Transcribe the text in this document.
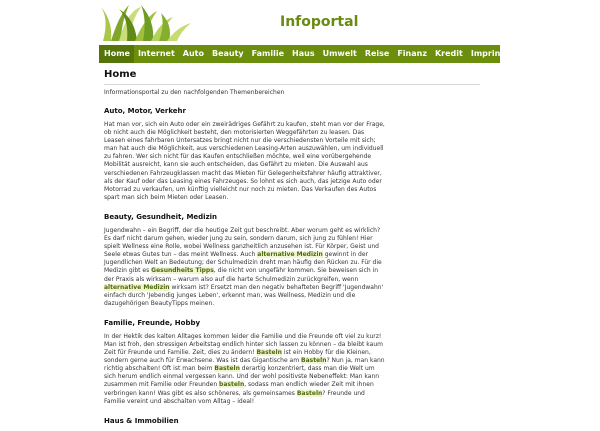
Infoportal
Home	Internet	Auto	Beauty	Familie	Haus	Umwelt	Reise	Finanz	Kredit	Imprint
Home

Informationsportal zu den nachfolgenden Themenbereichen

Auto, Motor, Verkehr

Hat man vor, sich ein Auto oder ein zweirädriges Gefährt zu kaufen, steht man vor der Frage, ob nicht auch die Möglichkeit besteht, den motorisierten Weggefährten zu leasen. Das Leasen eines fahrbaren Untersatzes bringt nicht nur die verschiedensten Vorteile mit sich; man hat auch die Möglichkeit, aus verschiedenen Leasing-Arten auszuwählen, um individuell zu fahren. Wer sich nicht für das Kaufen entschließen möchte, weil eine vorübergehende Mobilität ausreicht, kann sie auch entscheiden, das Gefährt zu mieten. Die Auswahl aus verschiedenen Fahrzeugklassen macht das Mieten für Gelegenheitsfahrer häufig attraktiver, als der Kauf oder das Leasing eines Fahrzeuges. So lohnt es sich auch, das jetzige Auto oder Motorrad zu verkaufen, um künftig vielleicht nur noch zu mieten. Das Verkaufen des Autos spart man sich beim Mieten oder Leasen.

Beauty, Gesundheit, Medizin

Jugendwahn – ein Begriff, der die heutige Zeit gut beschreibt. Aber worum geht es wirklich? Es darf nicht darum gehen, wieder jung zu sein, sondern darum, sich jung zu fühlen! Hier spielt Wellness eine Rolle, wobei Wellness ganzheitlich anzusehen ist. Für Körper, Geist und Seele etwas Gutes tun – das meint Wellness. Auch alternative Medizin gewinnt in der Jugendlichen Welt an Bedeutung; der Schulmedizin dreht man häufig den Rücken zu. Für die Medizin gibt es Gesundheits Tipps, die nicht von ungefähr kommen. Sie beweisen sich in der Praxis als wirksam – warum also auf die harte Schulmedizin zurückgreifen, wenn alternative Medizin wirksam ist? Ersetzt man den negativ behafteten Begriff 'Jugendwahn' einfach durch 'Jebendig junges Leben', erkennt man, was Wellness, Medizin und die dazugehörigen BeautyTipps meinen.

Familie, Freunde, Hobby

In der Hektik des kalten Alltages kommen leider die Familie und die Freunde oft viel zu kurz! Man ist froh, den stressigen Arbeitstag endlich hinter sich lassen zu können – da bleibt kaum Zeit für Freunde und Familie. Zeit, dies zu ändern! Basteln ist ein Hobby für die Kleinen, sondern gerne auch für Erwachsene. Was ist das Gigantische am Basteln? Nun ja, man kann richtig abschalten! Oft ist man beim Basteln derartig konzentriert, dass man die Welt um sich herum endlich einmal vergessen kann. Und der wohl positivste Nebeneffekt: Man kann zusammen mit Familie oder Freunden basteln, sodass man endlich wieder Zeit mit ihnen verbringen kann! Was gibt es also schöneres, als gemeinsames Basteln? Freunde und Familie vereint und abschalten vom Alltag – ideal!

Haus & Immobilien
